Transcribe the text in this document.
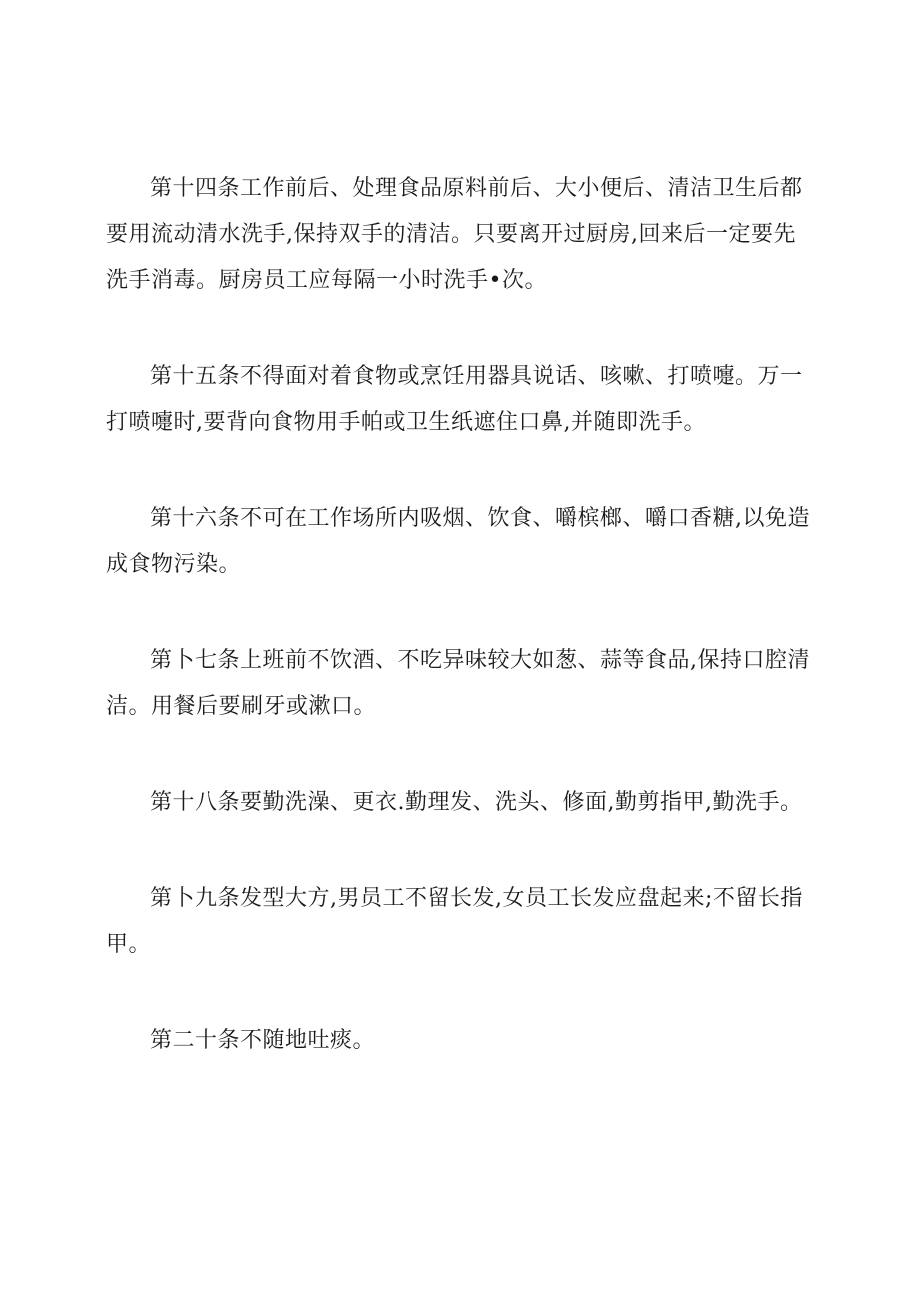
第十四条工作前后、处理食品原料前后、大小便后、清洁卫生后都要用流动清水洗手,保持双手的清洁。只要离开过厨房,回来后一定要先洗手消毒。厨房员工应每隔一小时洗手•次。

第十五条不得面对着食物或烹饪用器具说话、咳嗽、打喷嚏。万一打喷嚏时,要背向食物用手帕或卫生纸遮住口鼻,并随即洗手。

第十六条不可在工作场所内吸烟、饮食、嚼槟榔、嚼口香糖,以免造成食物污染。

第卜七条上班前不饮酒、不吃异味较大如葱、蒜等食品,保持口腔清洁。用餐后要刷牙或漱口。

第十八条要勤洗澡、更衣.勤理发、洗头、修面,勤剪指甲,勤洗手。

第卜九条发型大方,男员工不留长发,女员工长发应盘起来;不留长指甲。

第二十条不随地吐痰。
